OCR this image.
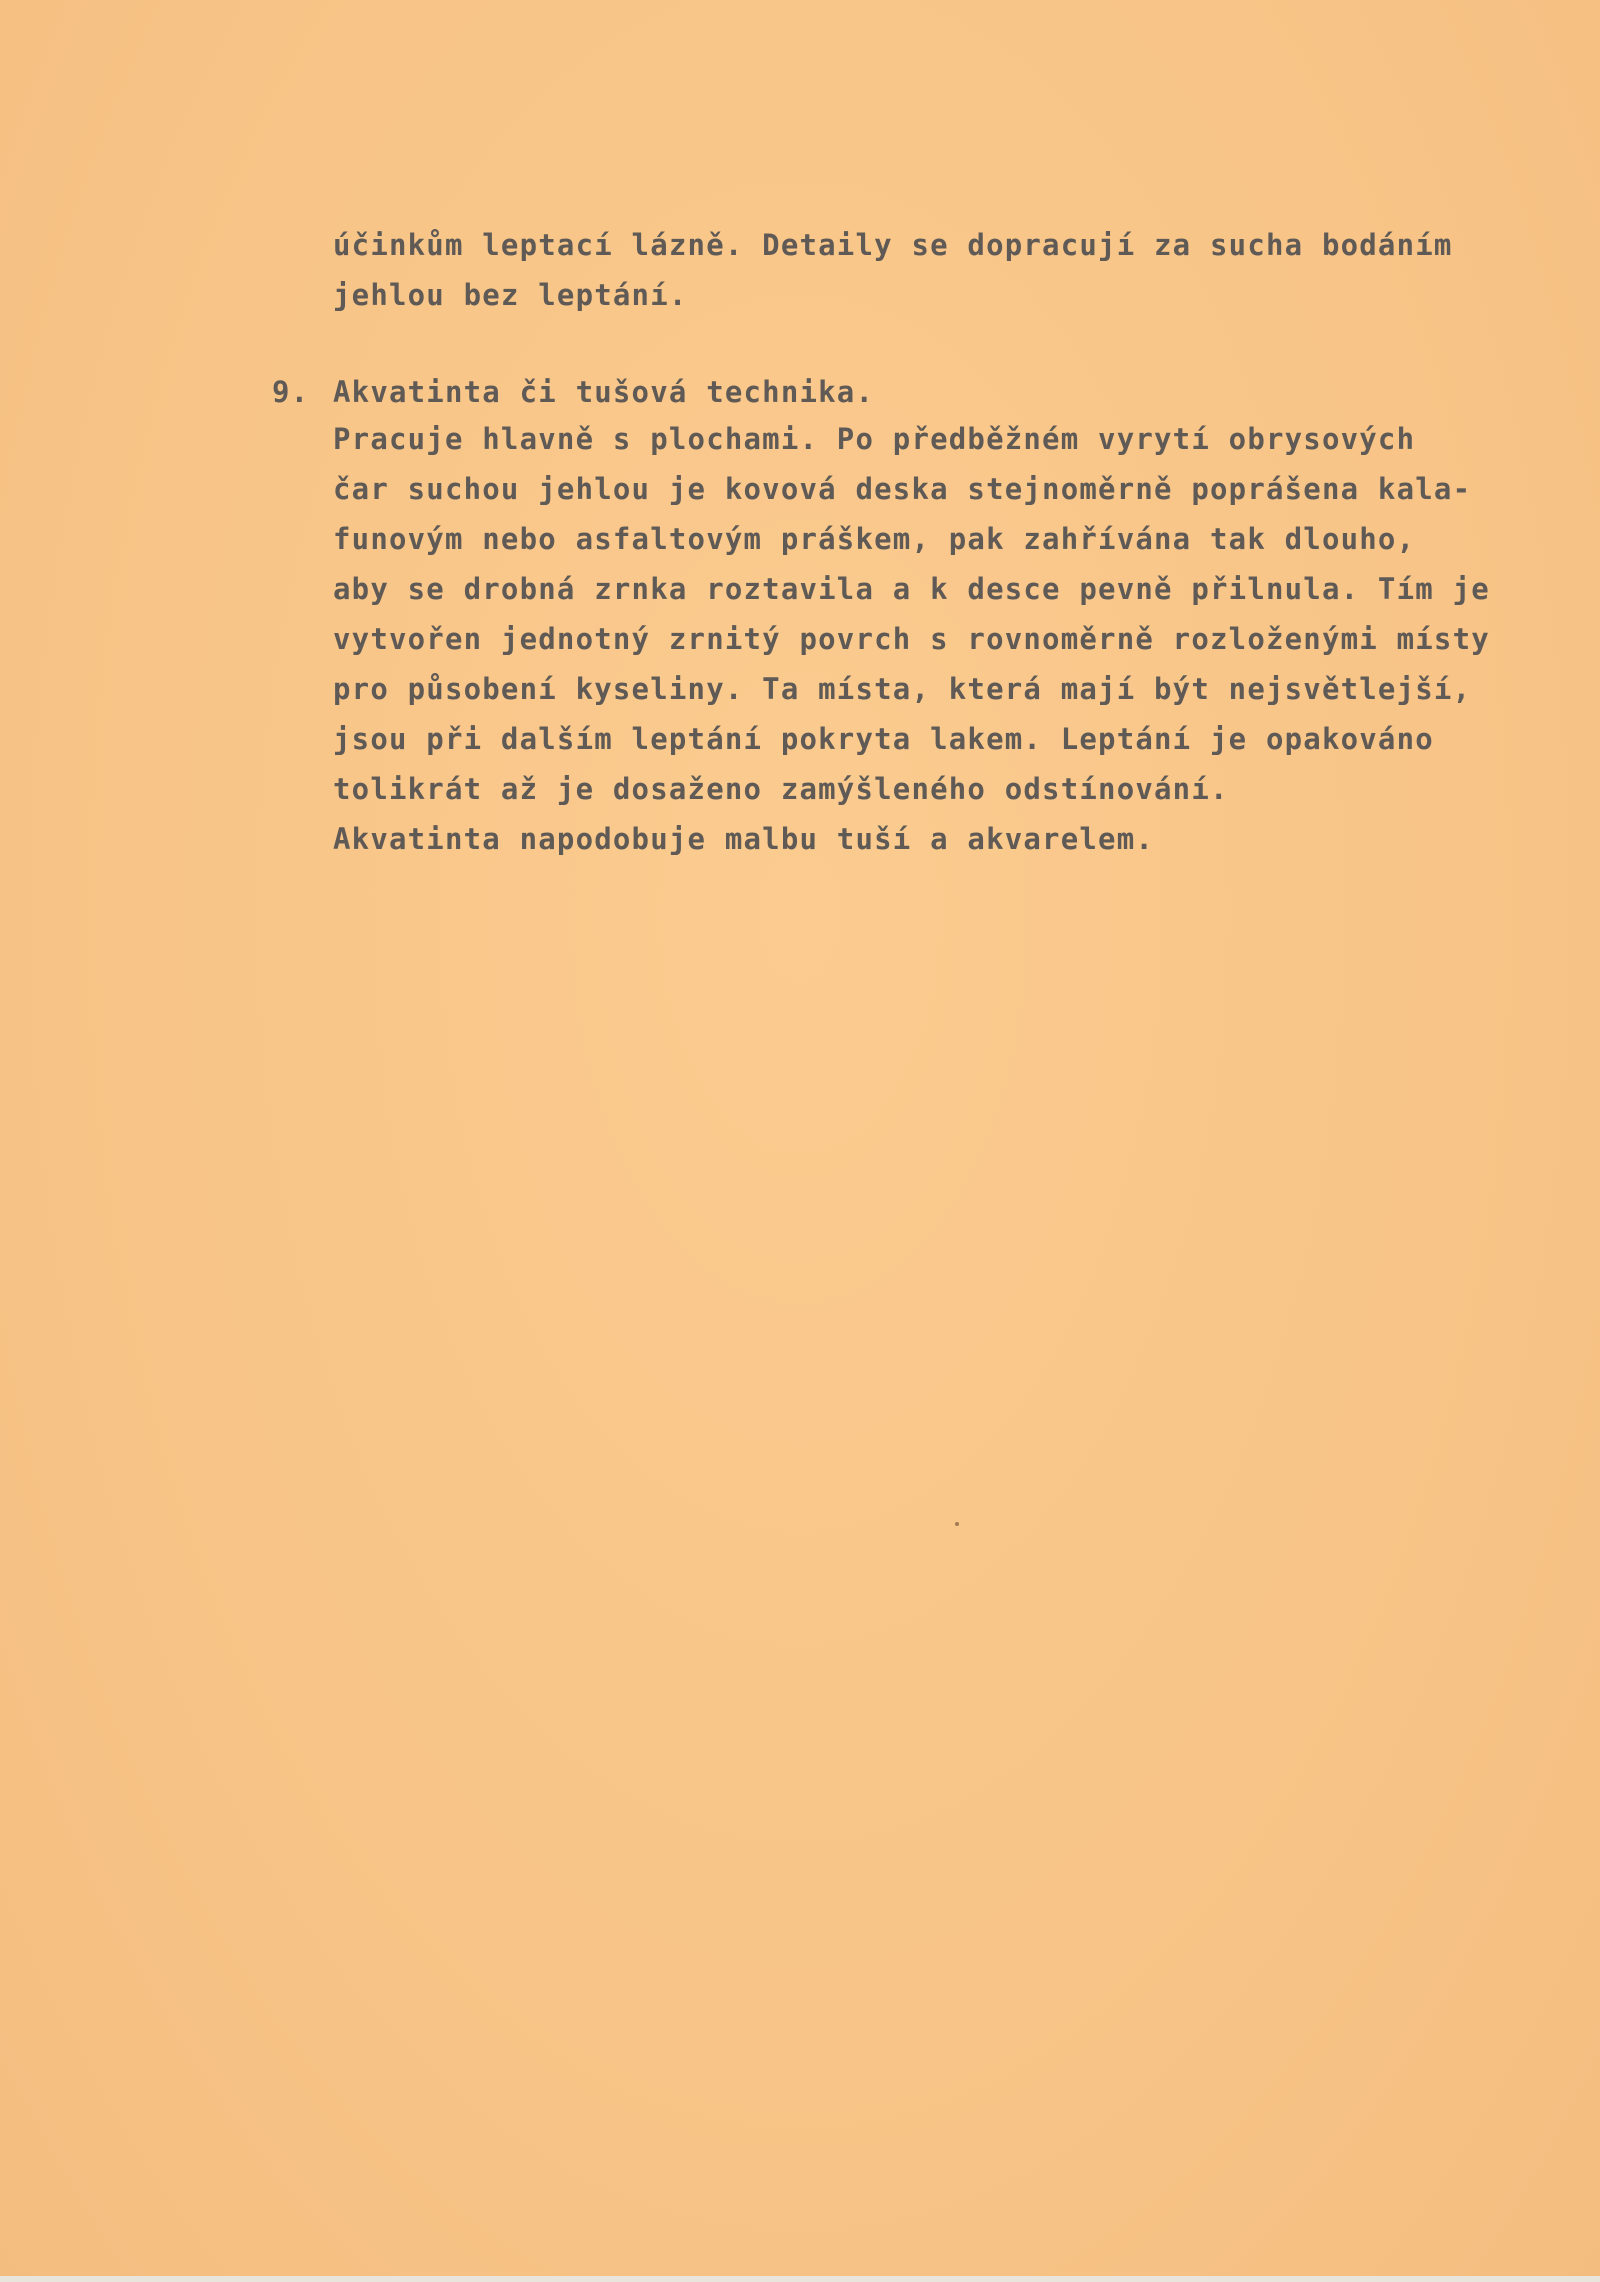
účinkům leptací lázně. Detaily se dopracují za sucha bodáním
jehlou bez leptání.
9. Akvatinta či tušová technika.
Pracuje hlavně s plochami. Po předběžném vyrytí obrysových
čar suchou jehlou je kovová deska stejnoměrně poprášena kala-
funovým nebo asfaltovým práškem, pak zahřívána tak dlouho,
aby se drobná zrnka roztavila a k desce pevně přilnula. Tím je
vytvořen jednotný zrnitý povrch s rovnoměrně rozloženými místy
pro působení kyseliny. Ta místa, která mají být nejsvětlejší,
jsou při dalším leptání pokryta lakem. Leptání je opakováno
tolikrát až je dosaženo zamýšleného odstínování.
Akvatinta napodobuje malbu tuší a akvarelem.
